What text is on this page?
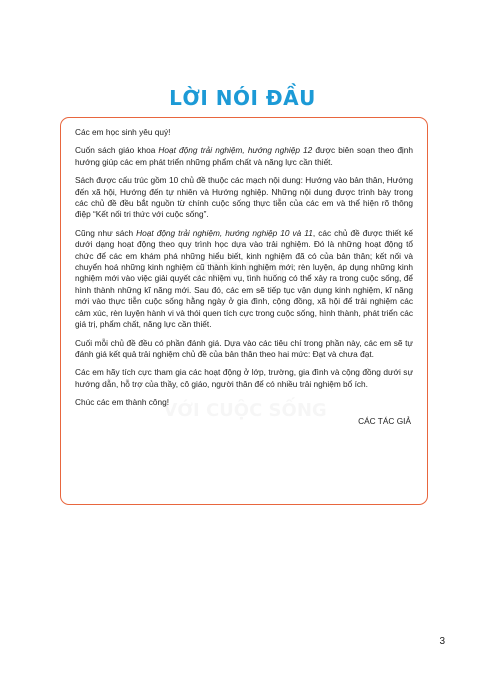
LỜI NÓI ĐẦU

Các em học sinh yêu quý!

Cuốn sách giáo khoa Hoạt động trải nghiệm, hướng nghiệp 12 được biên soạn theo định hướng giúp các em phát triển những phẩm chất và năng lực cần thiết.

Sách được cấu trúc gồm 10 chủ đề thuộc các mạch nội dung: Hướng vào bản thân, Hướng đến xã hội, Hướng đến tự nhiên và Hướng nghiệp. Những nội dung được trình bày trong các chủ đề đều bắt nguồn từ chính cuộc sống thực tiễn của các em và thể hiện rõ thông điệp “Kết nối tri thức với cuộc sống”.

Cũng như sách Hoạt động trải nghiệm, hướng nghiệp 10 và 11, các chủ đề được thiết kế dưới dạng hoạt động theo quy trình học dựa vào trải nghiệm. Đó là những hoạt động tổ chức để các em khám phá những hiểu biết, kinh nghiệm đã có của bản thân; kết nối và chuyển hoá những kinh nghiệm cũ thành kinh nghiệm mới; rèn luyện, áp dụng những kinh nghiệm mới vào việc giải quyết các nhiệm vụ, tình huống có thể xảy ra trong cuộc sống, để hình thành những kĩ năng mới. Sau đó, các em sẽ tiếp tục vận dụng kinh nghiệm, kĩ năng mới vào thực tiễn cuộc sống hằng ngày ở gia đình, cộng đồng, xã hội để trải nghiệm các cảm xúc, rèn luyện hành vi và thói quen tích cực trong cuộc sống, hình thành, phát triển các giá trị, phẩm chất, năng lực cần thiết.

Cuối mỗi chủ đề đều có phần đánh giá. Dựa vào các tiêu chí trong phần này, các em sẽ tự đánh giá kết quả trải nghiệm chủ đề của bản thân theo hai mức: Đạt và chưa đạt.

Các em hãy tích cực tham gia các hoạt động ở lớp, trường, gia đình và cộng đồng dưới sự hướng dẫn, hỗ trợ của thầy, cô giáo, người thân để có nhiều trải nghiệm bổ ích.

Chúc các em thành công!

CÁC TÁC GIẢ

3
